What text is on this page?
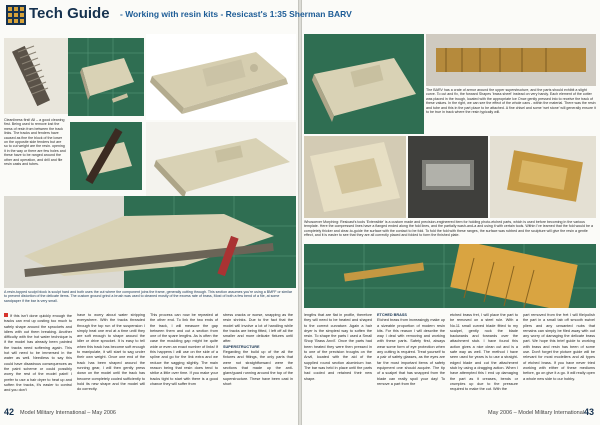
Cleanliness first! All – a good cleaning first. Being used to remove lost the mess of resin from between the track links. The tracks and fenders have caused as fine the block of the lower on the opposite side fenders but are so to cut weight are the resin. opening it in the way or there are few holes and these have to be ranged around the other and operation, and drill and file resin casts and tubes.
A resin-topped sculpt block is sculpt hard and both uses the cut where the component joins the frame, generally cutting through. This section assumes you're using a BMFF or similar to prevent distortion of the delicate items. The custom ground grind a brush was used to cleaned mostly of the excess rate of brass, Most of both a few bend of a file, at some sandpaper if the bar is very small.
If this isn't done quickly enough the tracks can end up costing too much to safely shape around the sprockets and idlers with out them breaking. Another difficulty with the hot water technique is if the model has already been painted the tracks need softening again. This hot will need to be immersed in the water as well. Needless to say this could have disastrous consequences as the paint scheme or could possibly worry the rest of the model paint! I prefer to use a hair dryer to heat up and soften the tracks, it's easier to control and you don't
have to worry about water stripping everywhere. With the tracks threaded through the top run of the suspension I simply heat one end at a time until they are soft enough to shape around the idler or drive sprocket. It is easy to tell when this track has become soft enough to manipulate, it will start to sag under their own weight. Once one end of the track has been shaped around the running gear, I will then gently press down on the model until the track has become completely cooled sufficiently to hold its new shape and the model will do correctly.
This process can now be repeated at the other end. To link the two ends of the track, I will measure the gap between them and cut a section from one of the spare lengths. As is often the case the moulding gap might be quite wide or even an exact number of links! If this happens I will use on the side of a spline and go for the link extra and we reduce the sagging slightly. The main reason being that resin does tend to strike a little over time. If you make your tracks tight to start with there is a good chance they will suffer from
stress cracks or worse, snapping as the resin shrinks. Due to the fact that the model will involve a lot of handling while the tracks are being fitted, I left off all the smaller and more delicate fixtures until after.
SUPERSTRUCTURE
Regarding the build up of the all the fixtures and fittings, the only parts that were not straightforward were the sections that made up the anti-glare/guard running around the top of the superstructure. These have been cast in short
42 Model Military International – May 2006
The BARV has a crate of armor around the upper superstructure, and the parts should exhibit a slight curve. To cut and fix, the forward Shapes 'brass sheet' instead on very handy. Each element of the cotter was placed in the trough, located with the appropriate Ice Once gently pressed into to receive the track of these values. In the right, we can see the effect of the whole cans - within the material. There was the resin and tube and this in the part place to be attached. A fine chisel and some 'wet stone' will generally ensure it to be true in track where the resin typically will.
Whosoever Morphing: Resicast's tools 'Extensible' is a custom made and precision-engineered item for holding photo-etched parts, which is used before becoming in the various template. Here the compressed lines have a flanged ended along the fold lines, and the partially wash-and-a and using it with certain tools. Within I've learned that the fold would be a completely thicker and clear-to-guide the surface with the contact to be fold. To fold the fold with these ranges, the surface was rubbed and the sculpture will give the resin a gentle effect, and it is easier to see that they are all correctly placed and folded to form the finished plate.
lengths that are flat in profile, therefore they will need to be heated and shaped to the correct curvature. Again a hair dryer is the simplest way to soften the resin. To shape the parts I used a Small Shop 'Brass Anvil'. Once the parts had been heated they were then pressed in to one of the precision troughs on the Anvil, located with the aid of the supplied round section aluminium bar. The bar was held in place until the parts had cooled and retained their new shape.
ETCHED BRASS
Etched brass from increasingly make up a sizeable proportion of modern resin kits. For this reason I will describe the way I deal with removing and working with these parts. Safety first, always wear some form of eye protection when any cutting is required. Treat yourself to a pair of safety glasses, as the eyes are far the most important items of safety equipment one should acquire. The tip of a scalpel that has snapped from the blade can really spoil your day! To remove a part from the
etched brass fret, I will place the part to be removed on a steel rule. With a No.11 small curved blade fitted to my scalpel, gently rock the blade backwards and forwards over the attachment stub. I have found this action gives a nice clean cut and is a safe way as well. The method I have seen used for years is to use a straight-edged blade and cut the attachment stub by using a dragging action. When I have attempted this I end up damaging the part as it creases, bends or crumples up due to the pressure required to make the cut. With the
part removed from the fret I will file/polish the part in a small tab off smooth swivel pliers and any unwanted nubs that remains can simply be filed away with out any worry of damaging the delicate brass part. We hope this brief guide to working with brass and resin has been of some use. Don't forget the picture guide will be relevant for most modellers and all types of etched brass. If you have never tried working with either of these mediums before, go on give it a go. It will really open a whole new side to our hobby.
May 2006 – Model Military International 43
Tech Guide - Working with resin kits - Resicast's 1:35 Sherman BARV
